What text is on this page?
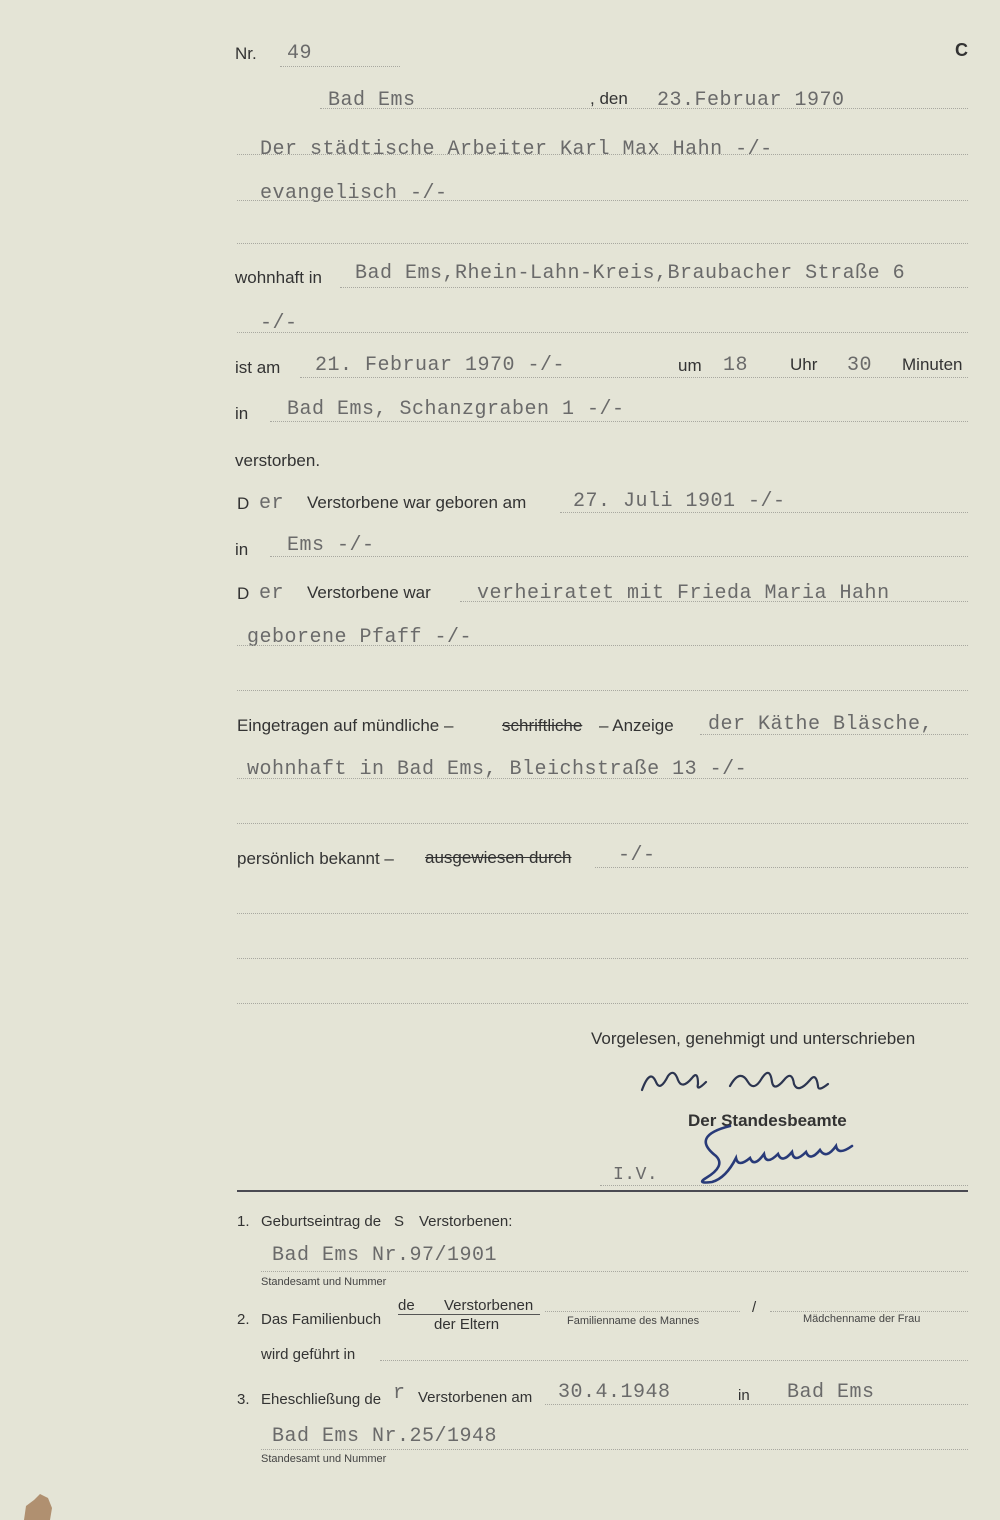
Nr. 49	C
Bad Ems	, den 23.Februar 1970
Der städtische Arbeiter Karl Max Hahn -/-
evangelisch -/-
wohnhaft in Bad Ems,Rhein-Lahn-Kreis,Braubacher Straße 6
-/-
ist am 21. Februar 1970 -/-	um 18 Uhr 30 Minuten
in Bad Ems, Schanzgraben 1 -/-
verstorben.
D er Verstorbene war geboren am 27. Juli 1901 -/-
in Ems -/-
D er Verstorbene war verheiratet mit Frieda Maria Hahn
geborene Pfaff -/-
Eingetragen auf mündliche –	schriftliche – Anzeige der Käthe Bläsche,
wohnhaft in Bad Ems, Bleichstraße 13 -/-
persönlich bekannt – ausgewiesen durch -/-
Vorgelesen, genehmigt und unterschrieben
Der Standesbeamte
I.V.
1. Geburtseintrag de S Verstorbenen:
Bad Ems Nr.97/1901
Standesamt und Nummer
2. Das Familienbuch
de Verstorbenen
der Eltern
/
Familienname des Mannes	Mädchenname der Frau
wird geführt in
3. Eheschließung de r Verstorbenen am 30.4.1948	in Bad Ems
Bad Ems Nr.25/1948
Standesamt und Nummer
